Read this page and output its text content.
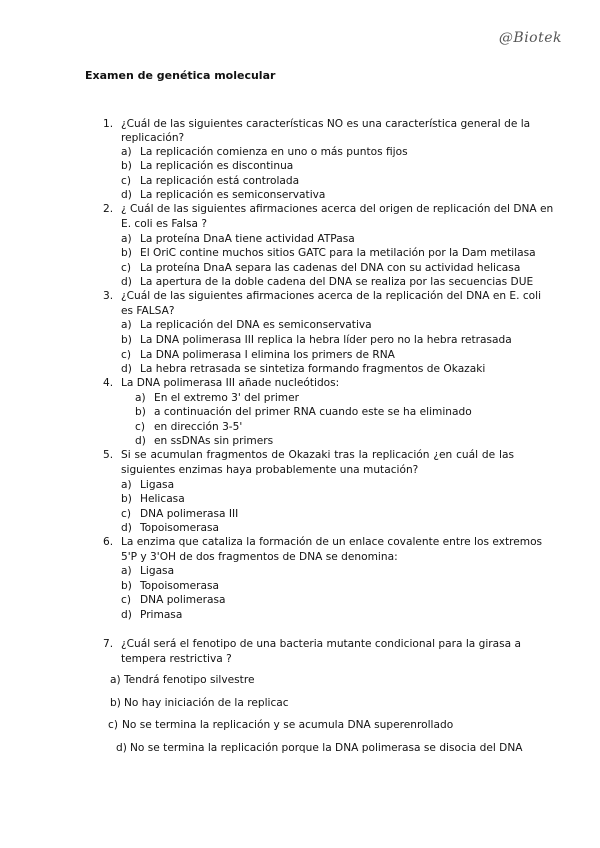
@Biotek
Examen de genética molecular
1. ¿Cuál de las siguientes características NO es una característica general de la
replicación?
a) La replicación comienza en uno o más puntos fijos
b) La replicación es discontinua
c) La replicación está controlada
d) La replicación es semiconservativa
2. ¿ Cuál de las siguientes afirmaciones acerca del origen de replicación del DNA en
E. coli es Falsa ?
a) La proteína DnaA tiene actividad ATPasa
b) El OriC contine muchos sitios GATC para la metilación por la Dam metilasa
c) La proteína DnaA separa las cadenas del DNA con su actividad helicasa
d) La apertura de la doble cadena del DNA se realiza por las secuencias DUE
3. ¿Cuál de las siguientes afirmaciones acerca de la replicación del DNA en E. coli
es FALSA?
a) La replicación del DNA es semiconservativa
b) La DNA polimerasa III replica la hebra líder pero no la hebra retrasada
c) La DNA polimerasa I elimina los primers de RNA
d) La hebra retrasada se sintetiza formando fragmentos de Okazaki
4. La DNA polimerasa III añade nucleótidos:
a) En el extremo 3' del primer
b) a continuación del primer RNA cuando este se ha eliminado
c) en dirección 3-5'
d) en ssDNAs sin primers
5. Si se acumulan fragmentos de Okazaki tras la replicación ¿en cuál de las
siguientes enzimas haya probablemente una mutación?
a) Ligasa
b) Helicasa
c) DNA polimerasa III
d) Topoisomerasa
6. La enzima que cataliza la formación de un enlace covalente entre los extremos
5'P y 3'OH de dos fragmentos de DNA se denomina:
a) Ligasa
b) Topoisomerasa
c) DNA polimerasa
d) Primasa
7. ¿Cuál será el fenotipo de una bacteria mutante condicional para la girasa a
tempera restrictiva ?
a) Tendrá fenotipo silvestre
b) No hay iniciación de la replicac
c) No se termina la replicación y se acumula DNA superenrollado
d) No se termina la replicación porque la DNA polimerasa se disocia del DNA
